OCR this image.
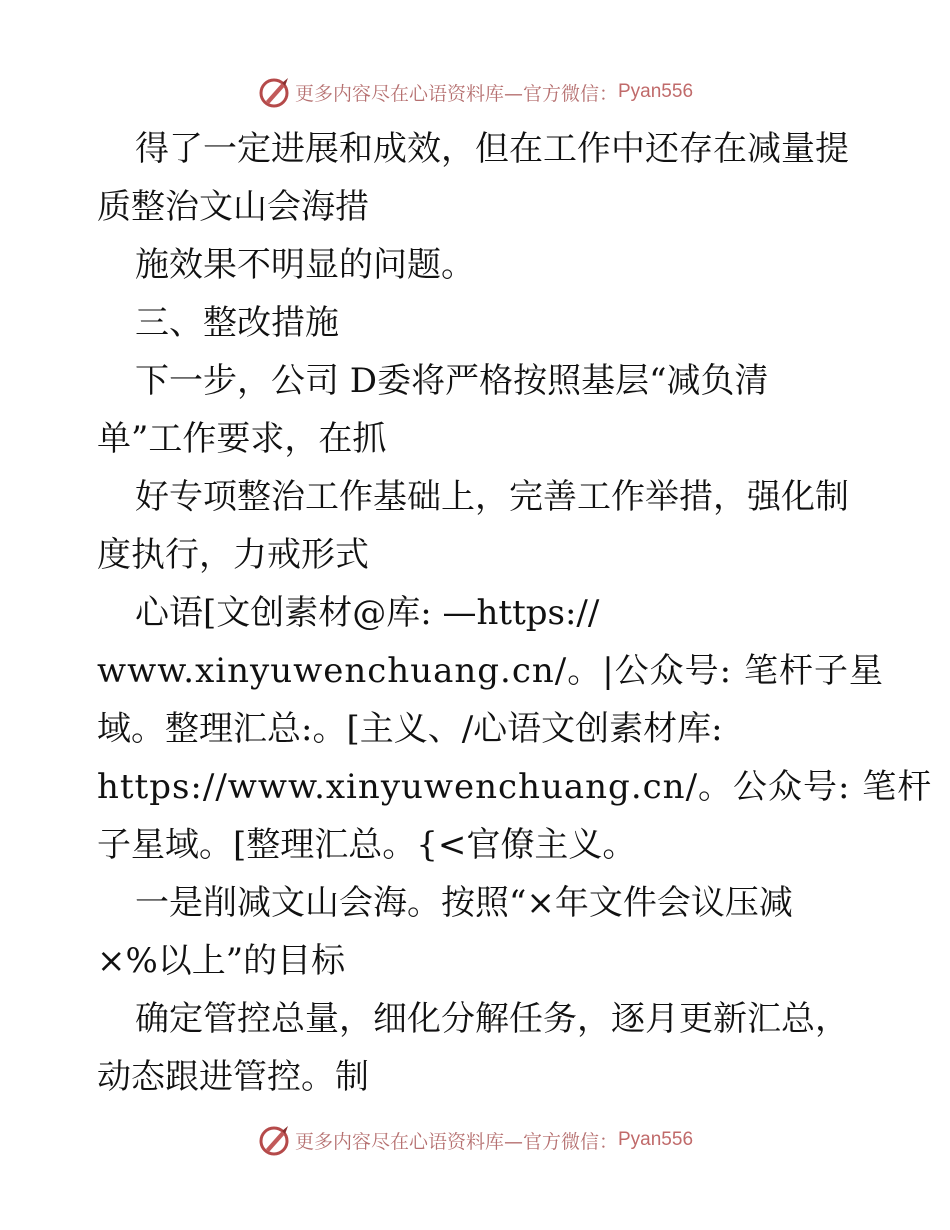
更多内容尽在心语资料库—官方微信： Pyan556
得了一定进展和成效，但在工作中还存在减量提
质整治文山会海措
施效果不明显的问题。
三、整改措施
下一步，公司 D委将严格按照基层“减负清
单”工作要求，在抓
好专项整治工作基础上，完善工作举措，强化制
度执行，力戒形式
心语[文创素材@库: —https://
www.xinyuwenchuang.cn/。|公众号: 笔杆子星
域。整理汇总:。[主义、/心语文创素材库:
https://www.xinyuwenchuang.cn/。公众号: 笔杆
子星域。[整理汇总。{<官僚主义。
一是削减文山会海。按照“×年文件会议压减
×%以上”的目标
确定管控总量，细化分解任务，逐月更新汇总，
动态跟进管控。制
更多内容尽在心语资料库—官方微信： Pyan556
